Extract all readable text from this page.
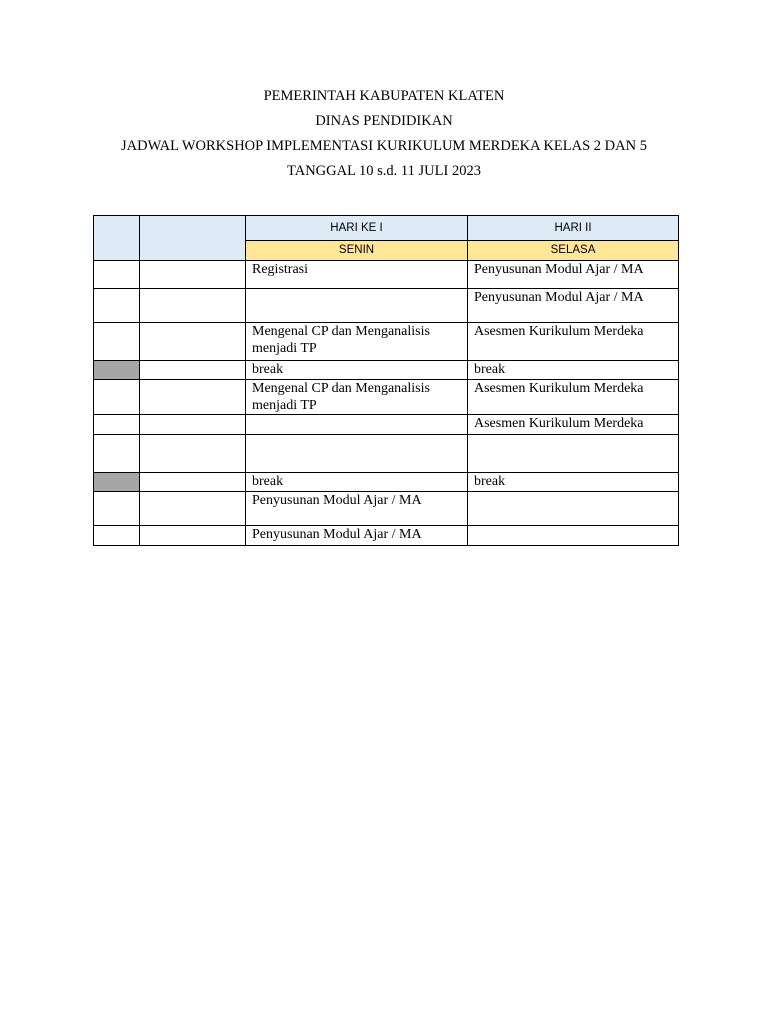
PEMERINTAH KABUPATEN KLATEN
DINAS PENDIDIKAN
JADWAL WORKSHOP IMPLEMENTASI KURIKULUM MERDEKA KELAS 2 DAN 5
TANGGAL 10 s.d. 11 JULI 2023
		HARI KE I	HARI II
		SENIN	SELASA
		Registrasi	Penyusunan Modul Ajar / MA
			Penyusunan Modul Ajar / MA
		Mengenal CP dan Menganalisis menjadi TP	Asesmen Kurikulum Merdeka
		break	break
		Mengenal CP dan Menganalisis menjadi TP	Asesmen Kurikulum Merdeka
			Asesmen Kurikulum Merdeka

		break	break
		Penyusunan Modul Ajar / MA	
		Penyusunan Modul Ajar / MA	
